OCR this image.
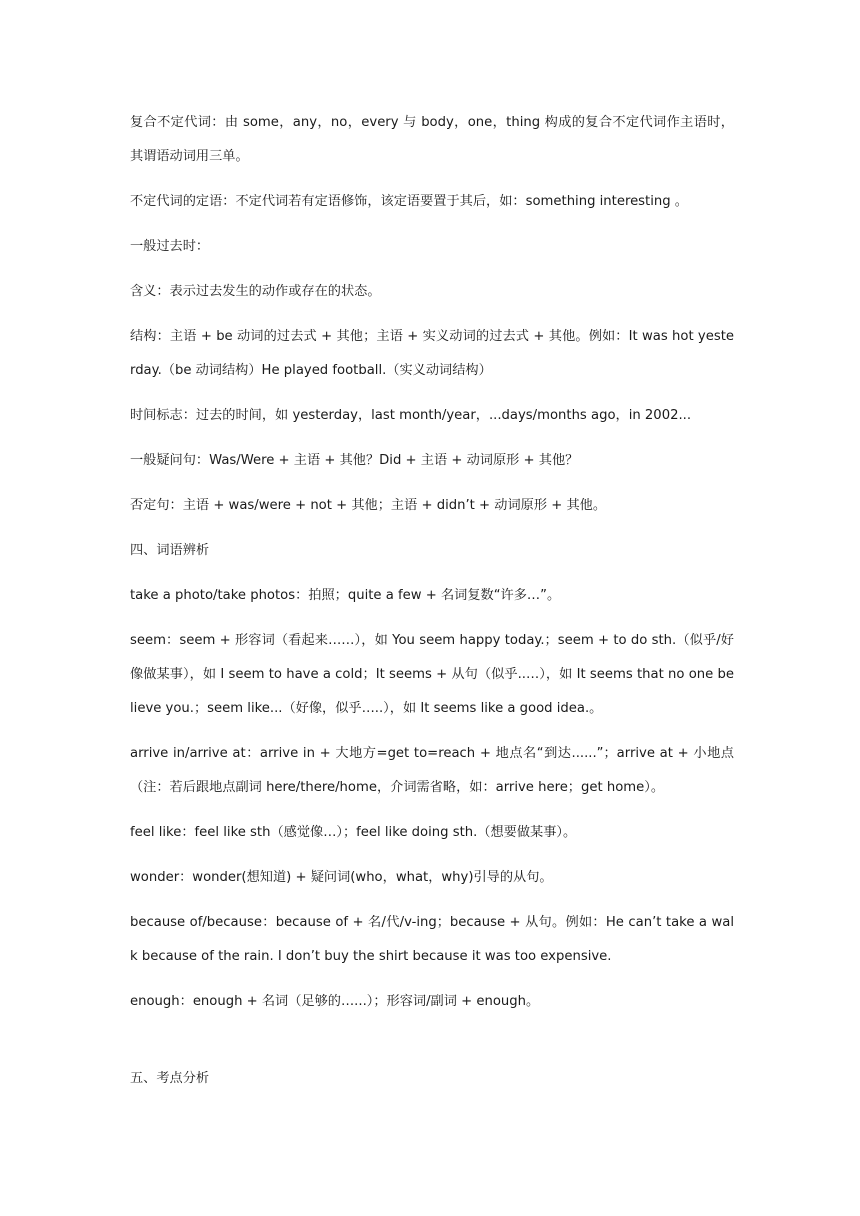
复合不定代词：由 some，any，no，every 与 body，one，thing 构成的复合不定代词作主语时，其谓语动词用三单。

不定代词的定语：不定代词若有定语修饰，该定语要置于其后，如：something interesting 。

一般过去时：

含义：表示过去发生的动作或存在的状态。

结构：主语 + be 动词的过去式 + 其他；主语 + 实义动词的过去式 + 其他。例如：It was hot yesterday.（be 动词结构）He played football.（实义动词结构）

时间标志：过去的时间，如 yesterday，last month/year，...days/months ago，in 2002...

一般疑问句：Was/Were + 主语 + 其他？Did + 主语 + 动词原形 + 其他？

否定句：主语 + was/were + not + 其他；主语 + didn’t + 动词原形 + 其他。

四、词语辨析

take a photo/take photos：拍照；quite a few + 名词复数“许多…”。

seem：seem + 形容词（看起来……），如 You seem happy today.；seem + to do sth.（似乎/好像做某事），如 I seem to have a cold；It seems + 从句（似乎..…），如 It seems that no one believe you.；seem like...（好像，似乎…..），如 It seems like a good idea.。

arrive in/arrive at：arrive in + 大地方=get to=reach + 地点名“到达......”；arrive at + 小地点（注：若后跟地点副词 here/there/home，介词需省略，如：arrive here；get home）。

feel like：feel like sth（感觉像…）；feel like doing sth.（想要做某事）。

wonder：wonder(想知道) + 疑问词(who，what，why)引导的从句。

because of/because：because of + 名/代/v-ing；because + 从句。例如：He can’t take a walk because of the rain. I don’t buy the shirt because it was too expensive.

enough：enough + 名词（足够的…...）；形容词/副词 + enough。

五、考点分析
